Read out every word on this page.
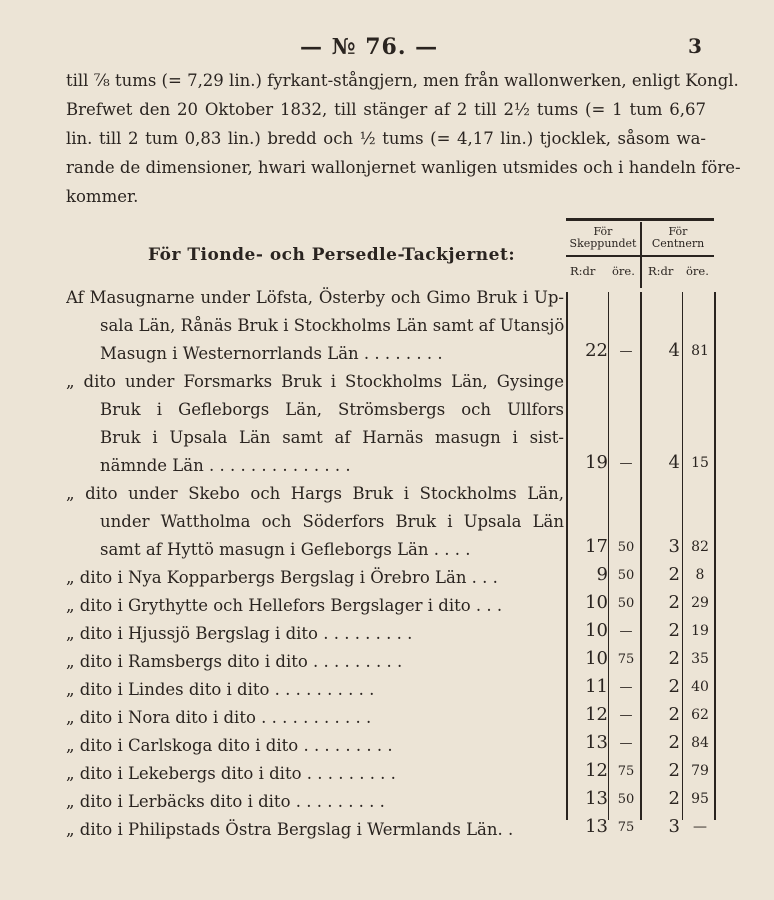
— № 76. —	3
till ⅞ tums (= 7,29 lin.) fyrkant-stångjern, men från wallonwerken, enligt Kongl.
Brefwet den 20 Oktober 1832, till stänger af 2 till 2½ tums (= 1 tum 6,67
lin. till 2 tum 0,83 lin.) bredd och ½ tums (= 4,17 lin.) tjocklek, såsom wa-
rande de dimensioner, hwari wallonjernet wanligen utsmides och i handeln före-
kommer.
För Tionde- och Persedle-Tackjernet:
För
Skeppundet
För
Centnern
R:dr öre. R:dr öre.
Af Masugnarne under Löfsta, Österby och Gimo Bruk i Up-
sala Län, Rånäs Bruk i Stockholms Län samt af Utansjö
Masugn i Westernorrlands Län . . . . . . . .	22 —	4 81
„ dito under Forsmarks Bruk i Stockholms Län, Gysinge
Bruk i Gefleborgs Län, Strömsbergs och Ullfors
Bruk i Upsala Län samt af Harnäs masugn i sist-
nämnde Län . . . . . . . . . . . . . .	19 —	4 15
„ dito under Skebo och Hargs Bruk i Stockholms Län,
under Wattholma och Söderfors Bruk i Upsala Län
samt af Hyttö masugn i Gefleborgs Län . . . .	17 50	3 82
„ dito i Nya Kopparbergs Bergslag i Örebro Län . . .	9 50	2	8
„ dito i Grythytte och Hellefors Bergslager i dito . . .	10 50	2 29
„ dito i Hjussjö Bergslag i dito . . . . . . . . .	10 —	2 19
„ dito i Ramsbergs dito i dito . . . . . . . . .	10 75	2 35
„ dito i Lindes dito i dito . . . . . . . . . .	11 —	2 40
„ dito i Nora dito i dito . . . . . . . . . . .	12 —	2 62
„ dito i Carlskoga dito i dito . . . . . . . . .	13 —	2 84
„ dito i Lekebergs dito i dito . . . . . . . . .	12 75	2 79
„ dito i Lerbäcks dito i dito . . . . . . . . .	13 50	2 95
„ dito i Philipstads Östra Bergslag i Wermlands Län. .	13 75	3 —
